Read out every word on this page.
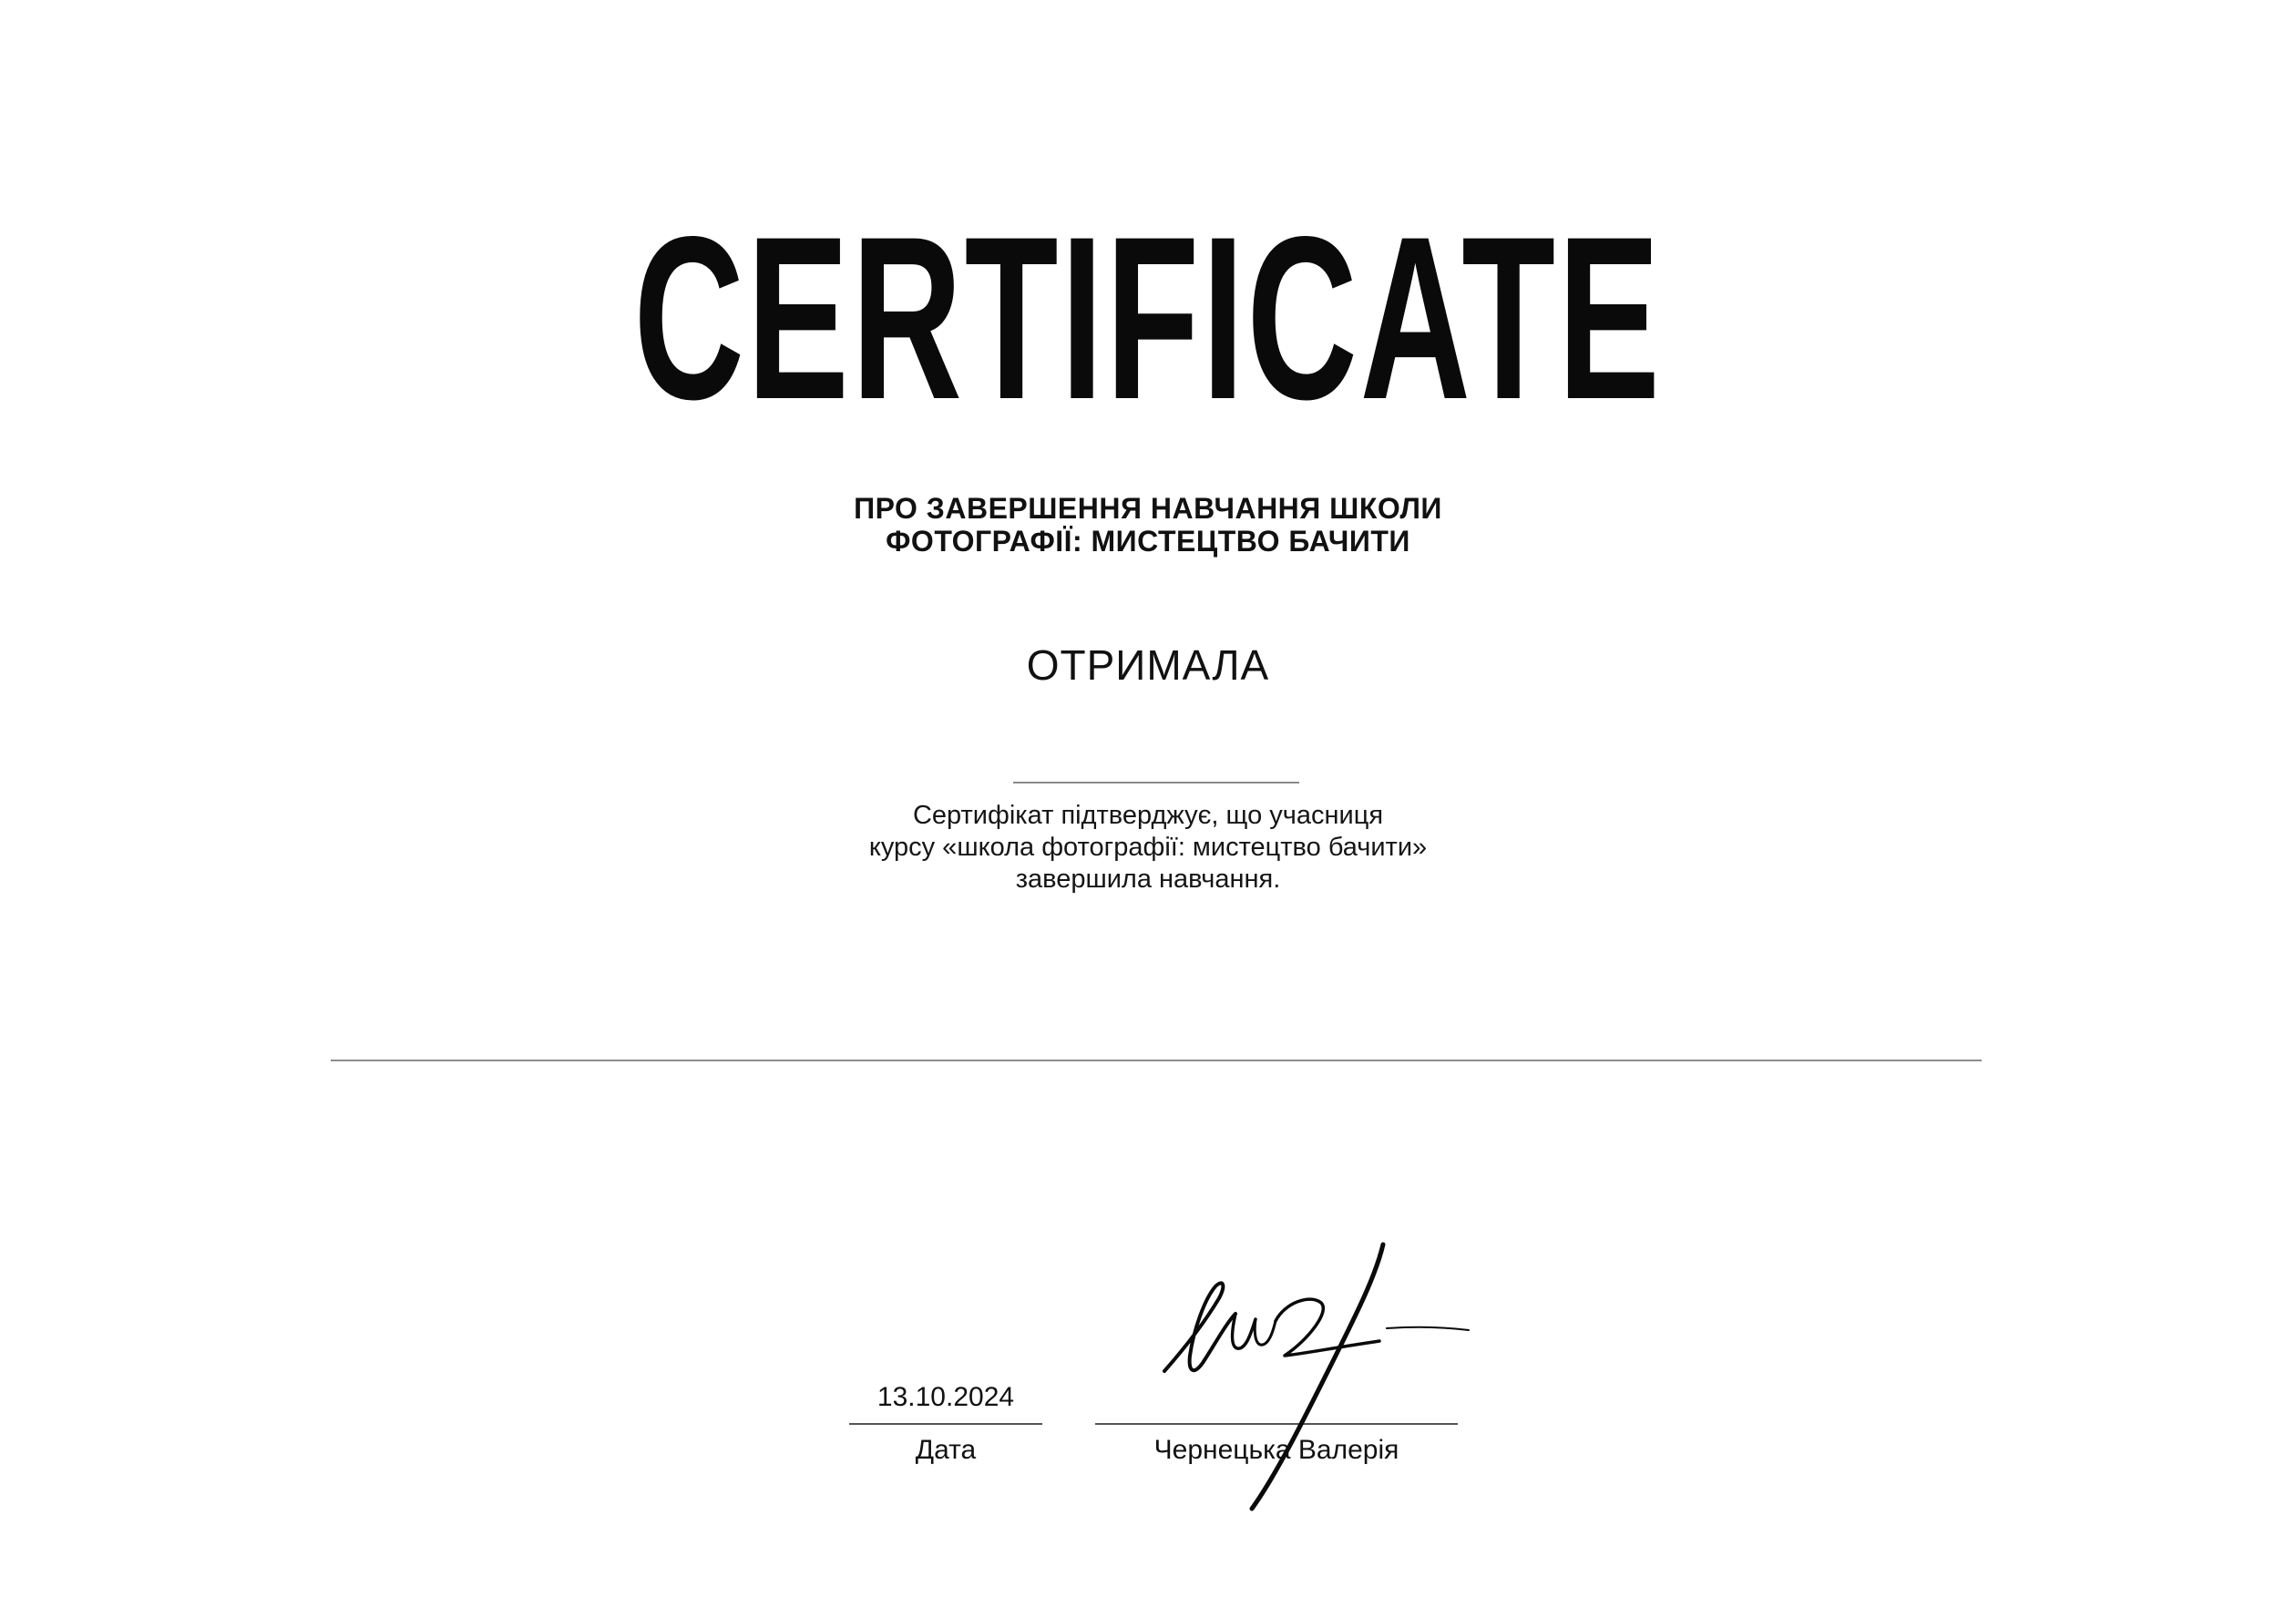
CERTIFICATE
ПРО ЗАВЕРШЕННЯ НАВЧАННЯ ШКОЛИ
ФОТОГРАФІЇ: МИСТЕЦТВО БАЧИТИ
ОТРИМАЛА
Сертифікат підтверджує, що учасниця
курсу «школа фотографії: мистецтво бачити»
завершила навчання.
13.10.2024
Дата	Чернецька Валерія
